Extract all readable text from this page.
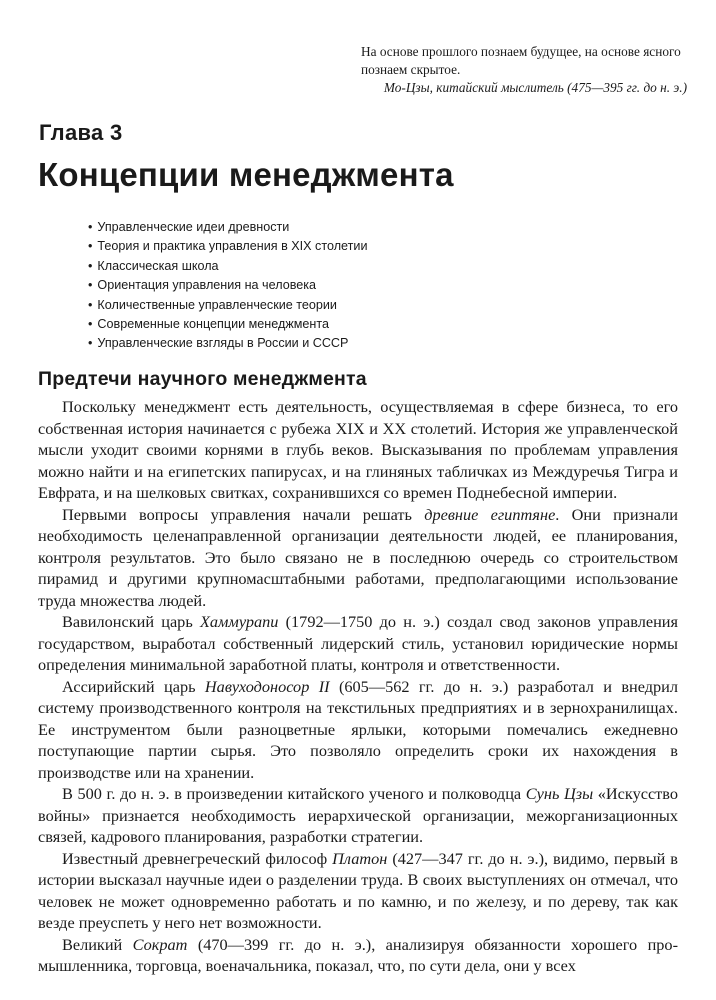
На основе прошлого познаем будущее, на основе ясного познаем скрытое.
Мо-Цзы, китайский мыслитель (475—395 гг. до н. э.)
Глава 3
Концепции менеджмента
• Управленческие идеи древности
• Теория и практика управления в XIX столетии
• Классическая школа
• Ориентация управления на человека
• Количественные управленческие теории
• Современные концепции менеджмента
• Управленческие взгляды в России и СССР
Предтечи научного менеджмента

Поскольку менеджмент есть деятельность, осуществляемая в сфере бизнеса, то его собственная история начинается с рубежа XIX и XX столетий. История же управленческой мысли уходит своими корнями в глубь веков. Высказывания по проблемам управления можно найти и на египетских папирусах, и на глиняных табличках из Междуречья Тигра и Евфрата, и на шелковых свитках, сохранившихся со времен Поднебесной империи.

Первыми вопросы управления начали решать древние египтяне. Они признали необходимость целенаправленной организации деятельности людей, ее планирования, контроля результатов. Это было связано не в последнюю очередь со строительством пирамид и другими крупномасштабными работами, предполагающими использование труда множества людей.

Вавилонский царь Хаммурапи (1792—1750 до н. э.) создал свод законов управления государством, выработал собственный лидерский стиль, установил юридические нормы определения минимальной заработной платы, контроля и ответственности.

Ассирийский царь Навуходоносор II (605—562 гг. до н. э.) разработал и внедрил систему производственного контроля на текстильных предприятиях и в зернохранилищах. Ее инструментом были разноцветные ярлыки, которыми помечались ежедневно поступающие партии сырья. Это позволяло определить сроки их нахождения в производстве или на хранении.

В 500 г. до н. э. в произведении китайского ученого и полководца Сунь Цзы «Искусство войны» признается необходимость иерархической организации, межорганизационных связей, кадрового планирования, разработки стратегии.

Известный древнегреческий философ Платон (427—347 гг. до н. э.), видимо, первый в истории высказал научные идеи о разделении труда. В своих выступлениях он отмечал, что человек не может одновременно работать и по камню, и по железу, и по дереву, так как везде преуспеть у него нет возможности.

Великий Сократ (470—399 гг. до н. э.), анализируя обязанности хорошего промышленника, торговца, военачальника, показал, что, по сути дела, они у всех
